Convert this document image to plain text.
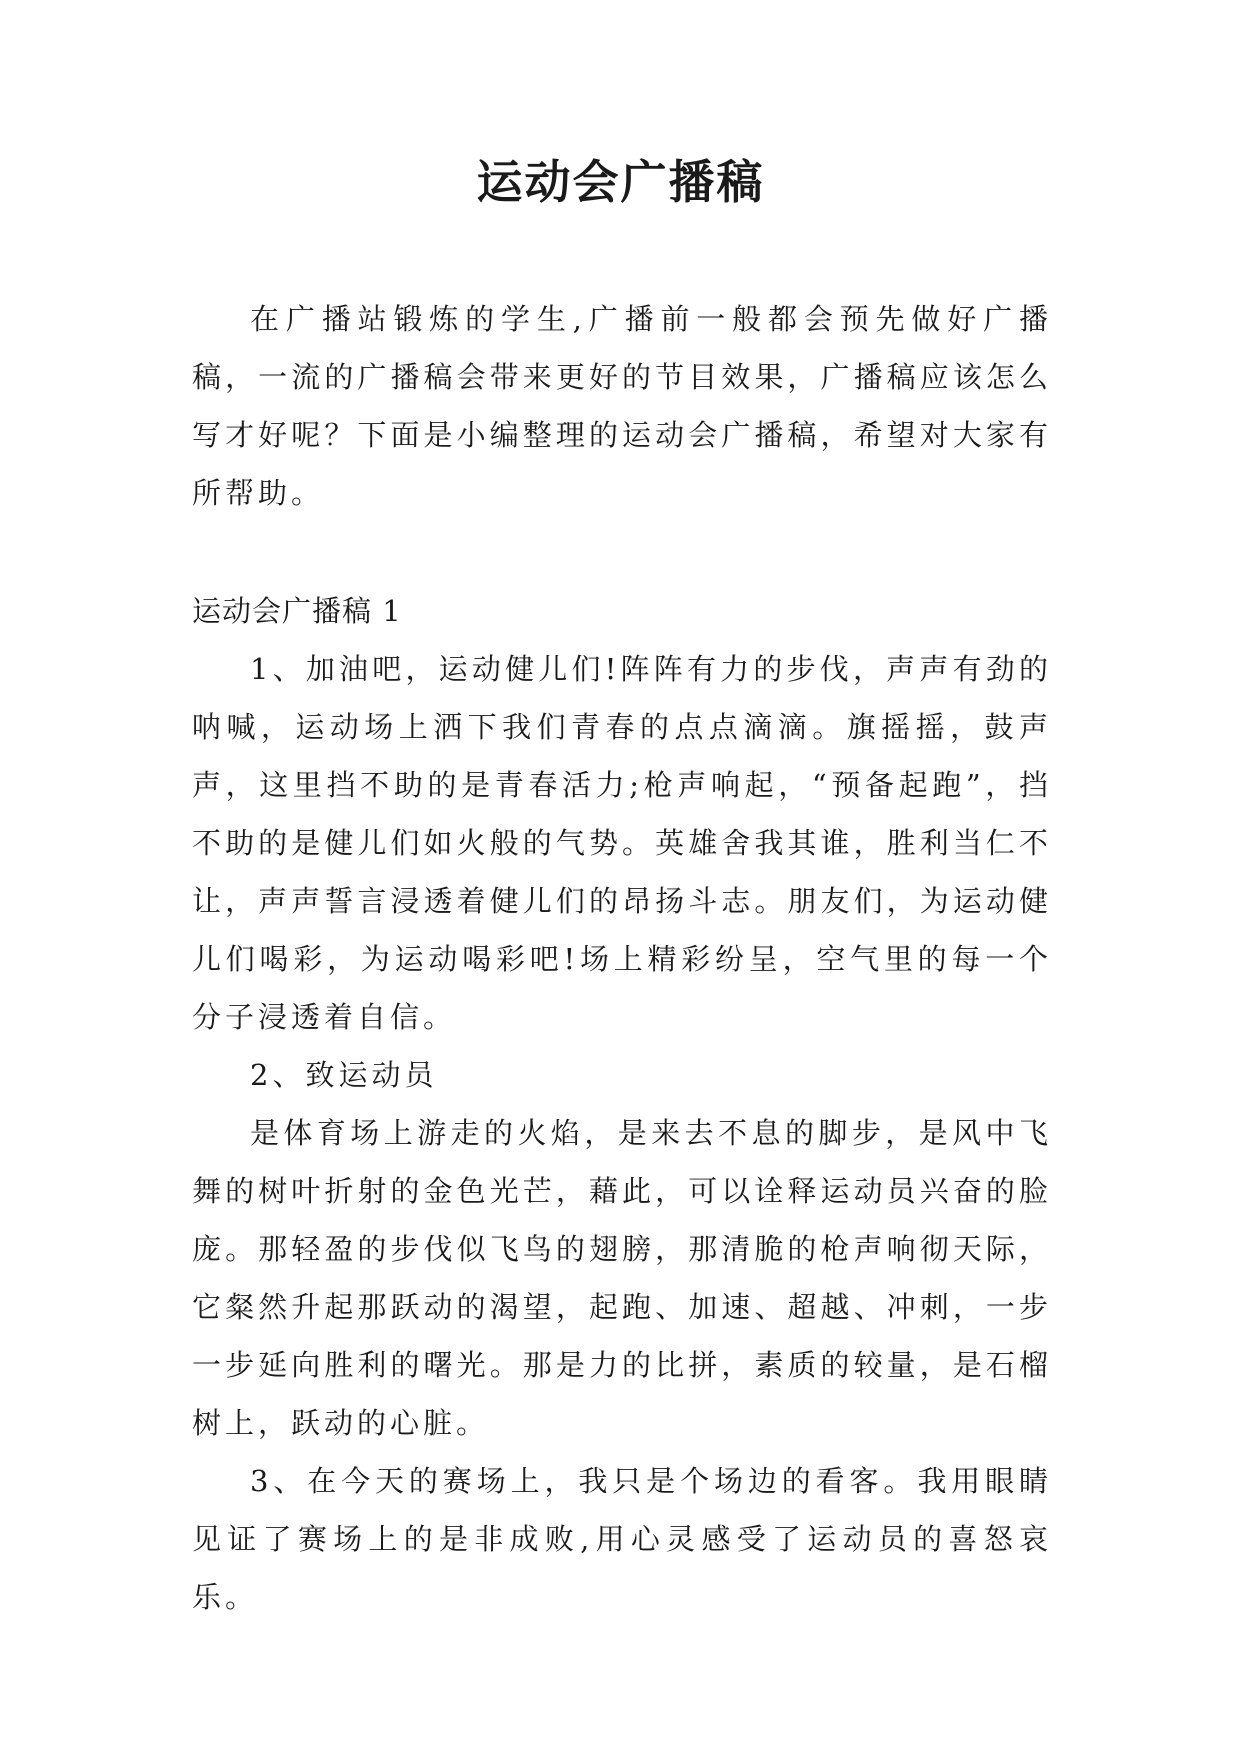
运动会广播稿

在广播站锻炼的学生,广播前一般都会预先做好广播稿，一流的广播稿会带来更好的节目效果，广播稿应该怎么写才好呢？下面是小编整理的运动会广播稿，希望对大家有所帮助。

运动会广播稿 1

1、加油吧，运动健儿们!阵阵有力的步伐，声声有劲的呐喊，运动场上洒下我们青春的点点滴滴。旗摇摇，鼓声声，这里挡不助的是青春活力;枪声响起，“预备起跑”，挡不助的是健儿们如火般的气势。英雄舍我其谁，胜利当仁不让，声声誓言浸透着健儿们的昂扬斗志。朋友们，为运动健儿们喝彩，为运动喝彩吧!场上精彩纷呈，空气里的每一个分子浸透着自信。

2、致运动员

是体育场上游走的火焰，是来去不息的脚步，是风中飞舞的树叶折射的金色光芒，藉此，可以诠释运动员兴奋的脸庞。那轻盈的步伐似飞鸟的翅膀，那清脆的枪声响彻天际，它粲然升起那跃动的渴望，起跑、加速、超越、冲刺，一步一步延向胜利的曙光。那是力的比拼，素质的较量，是石榴树上，跃动的心脏。

3、在今天的赛场上，我只是个场边的看客。我用眼睛见证了赛场上的是非成败,用心灵感受了运动员的喜怒哀乐。
